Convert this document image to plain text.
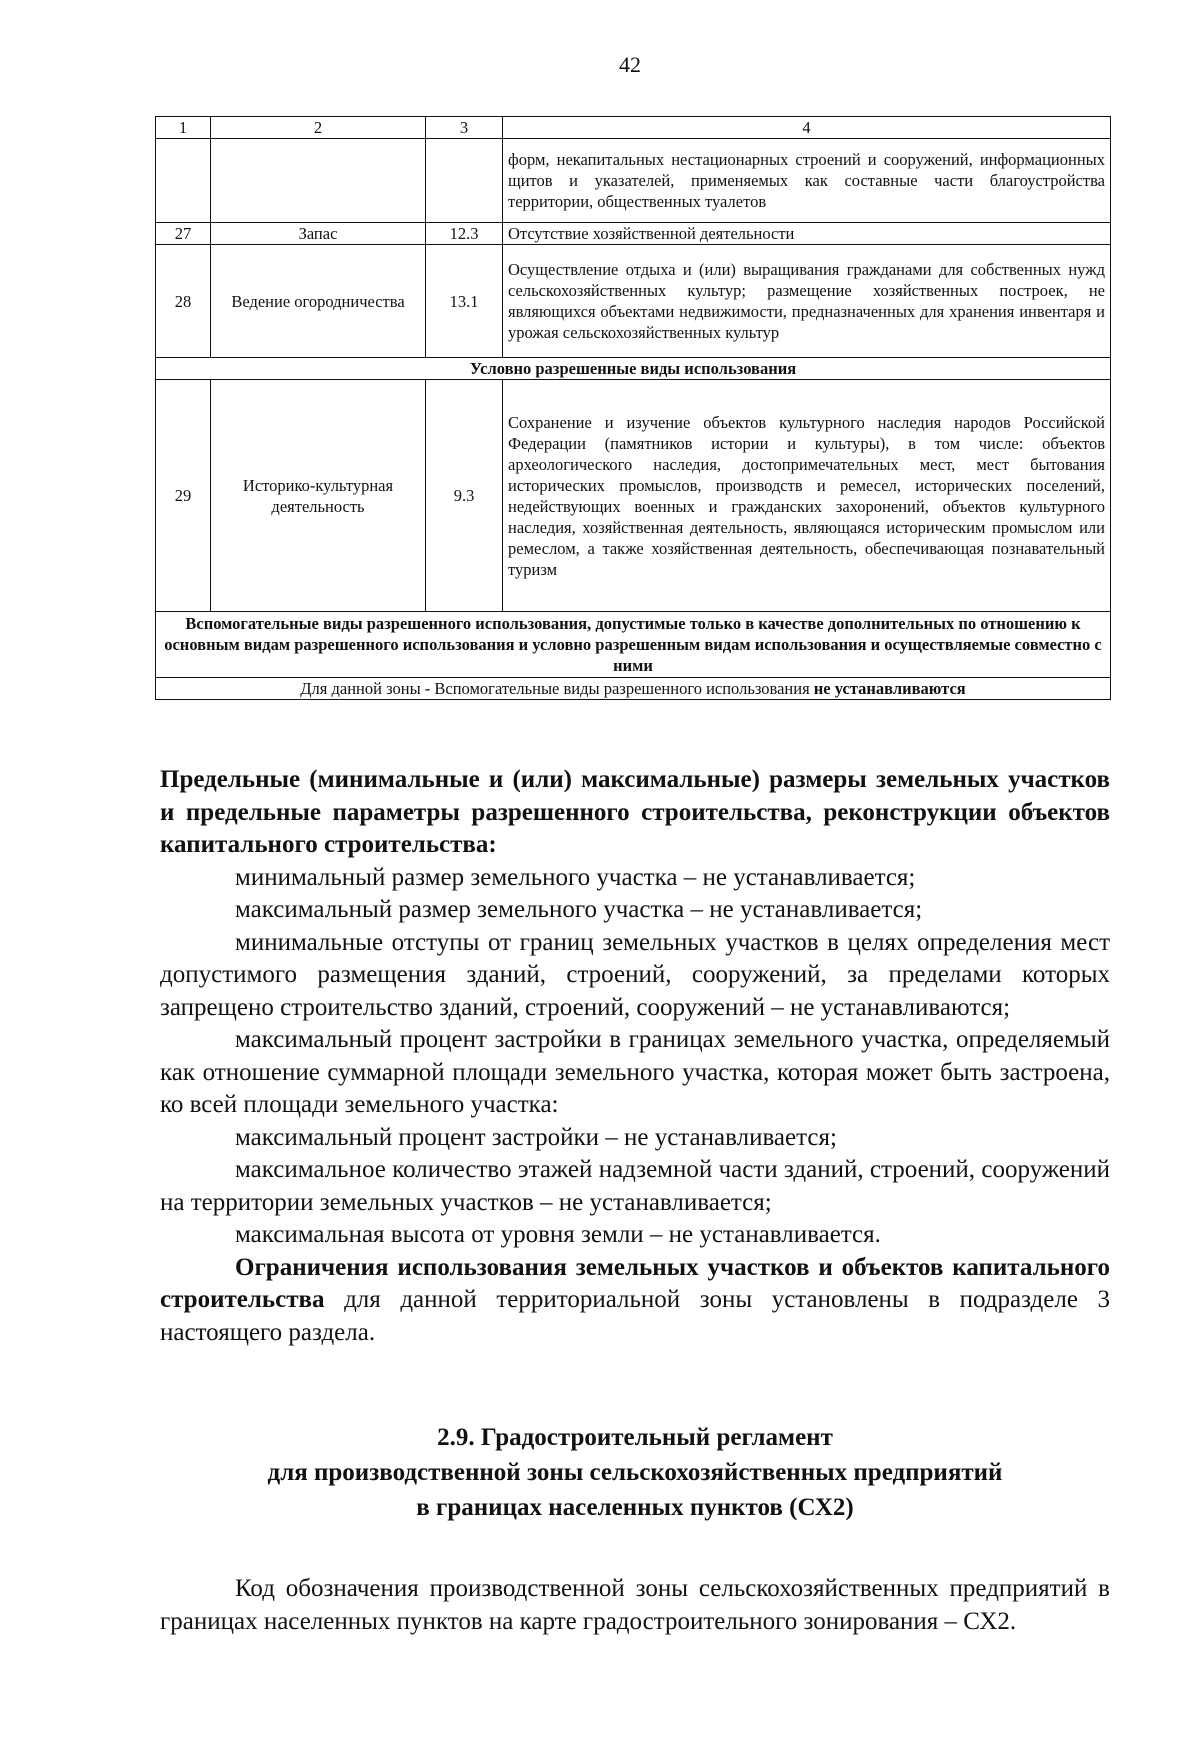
42
1	2	3	4
			форм, некапитальных нестационарных строений и сооружений, информационных щитов и указателей, применяемых как составные части благоустройства территории, общественных туалетов
27	Запас	12.3	Отсутствие хозяйственной деятельности
28	Ведение огородничества	13.1	Осуществление отдыха и (или) выращивания гражданами для собственных нужд сельскохозяйственных культур; размещение хозяйственных построек, не являющихся объектами недвижимости, предназначенных для хранения инвентаря и урожая сельскохозяйственных культур
Условно разрешенные виды использования			
29	Историко-культурная деятельность	9.3	Сохранение и изучение объектов культурного наследия народов Российской Федерации (памятников истории и культуры), в том числе: объектов археологического наследия, достопримечательных мест, мест бытования исторических промыслов, производств и ремесел, исторических поселений, недействующих военных и гражданских захоронений, объектов культурного наследия, хозяйственная деятельность, являющаяся историческим промыслом или ремеслом, а также хозяйственная деятельность, обеспечивающая познавательный туризм
Вспомогательные виды разрешенного использования, допустимые только в качестве дополнительных по отношению к основным видам разрешенного использования и условно разрешенным видам использования и осуществляемые совместно с ними			
Для данной зоны - Вспомогательные виды разрешенного использования не устанавливаются			

Предельные (минимальные и (или) максимальные) размеры земельных участков и предельные параметры разрешенного строительства, реконструкции объектов капитального строительства:

минимальный размер земельного участка – не устанавливается;

максимальный размер земельного участка – не устанавливается;

минимальные отступы от границ земельных участков в целях определения мест допустимого размещения зданий, строений, сооружений, за пределами которых запрещено строительство зданий, строений, сооружений – не устанавливаются;

максимальный процент застройки в границах земельного участка, определяемый как отношение суммарной площади земельного участка, которая может быть застроена, ко всей площади земельного участка:

максимальный процент застройки – не устанавливается;

максимальное количество этажей надземной части зданий, строений, сооружений на территории земельных участков – не устанавливается;

максимальная высота от уровня земли – не устанавливается.

Ограничения использования земельных участков и объектов капитального строительства для данной территориальной зоны установлены в подразделе 3 настоящего раздела.

2.9. Градостроительный регламент
для производственной зоны сельскохозяйственных предприятий
в границах населенных пунктов (СХ2)

Код обозначения производственной зоны сельскохозяйственных предприятий в границах населенных пунктов на карте градостроительного зонирования – СХ2.
